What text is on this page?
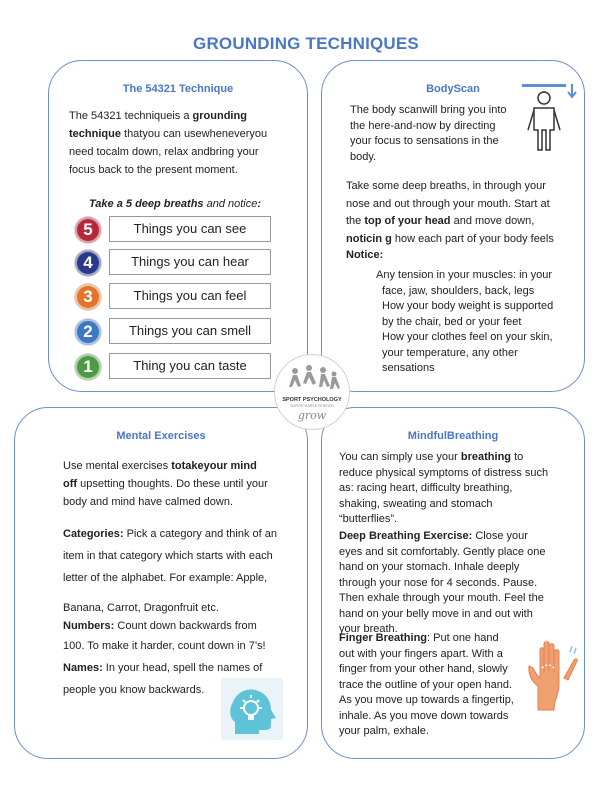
GROUNDING TECHNIQUES
The 54321 Technique
The 54321 techniqueis a grounding
technique thatyou can usewheneveryou
need tocalm down, relax andbring your
focus back to the present moment.
Take a 5 deep breaths and notice:
5	Things you can see
4	Things you can hear
3	Things you can feel
2	Things you can smell
1	Thing you can taste
BodyScan
The body scanwill bring you into
the here-and-now by directing
your focus to sensations in the
body.
Take some deep breaths, in through your
nose and out through your mouth. Start at
the top of your head and move down,
noticin g how each part of your body feels
Notice:
Any tension in your muscles: in your
face, jaw, shoulders, back, legs
How your body weight is supported
by the chair, bed or your feet
How your clothes feel on your skin,
your temperature, any other
sensations
Mental Exercises
Use mental exercises totakeyour mind
off upsetting thoughts. Do these until your
body and mind have calmed down.
Categories: Pick a category and think of an
item in that category which starts with each
letter of the alphabet. For example: Apple,
Banana, Carrot, Dragonfruit etc.
Numbers: Count down backwards from
100. To make it harder, count down in 7’s!
Names: In your head, spell the names of
people you know backwards.
MindfulBreathing
You can simply use your breathing to
reduce physical symptoms of distress such
as: racing heart, difficulty breathing,
shaking, sweating and stomach
“butterflies”.
Deep Breathing Exercise: Close your
eyes and sit comfortably. Gently place one
hand on your stomach. Inhale deeply
through your nose for 4 seconds. Pause.
Then exhale through your mouth. Feel the
hand on your belly move in and out with
your breath.
Finger Breathing: Put one hand
out with your fingers apart. With a
finger from your other hand, slowly
trace the outline of your open hand.
As you move up towards a fingertip,
inhale. As you move down towards
your palm, exhale.
SPORT PSYCHOLOGY
SUPERCHARGE SCIENCE
grow
